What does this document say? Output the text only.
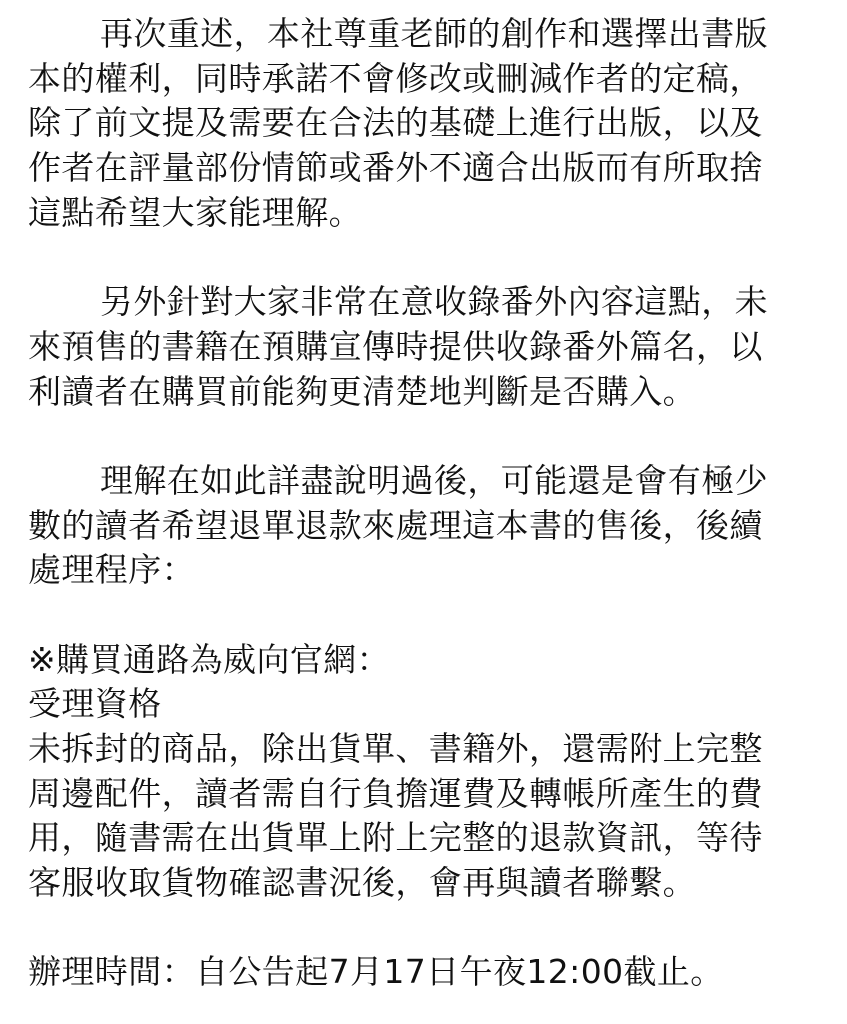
再次重述，本社尊重老師的創作和選擇出書版
本的權利，同時承諾不會修改或刪減作者的定稿，
除了前文提及需要在合法的基礎上進行出版，以及
作者在評量部份情節或番外不適合出版而有所取捨
這點希望大家能理解。
另外針對大家非常在意收錄番外內容這點，未
來預售的書籍在預購宣傳時提供收錄番外篇名，以
利讀者在購買前能夠更清楚地判斷是否購入。
理解在如此詳盡說明過後，可能還是會有極少
數的讀者希望退單退款來處理這本書的售後，後續
處理程序：
※購買通路為威向官網：
受理資格
未拆封的商品，除出貨單、書籍外，還需附上完整
周邊配件，讀者需自行負擔運費及轉帳所產生的費
用，隨書需在出貨單上附上完整的退款資訊，等待
客服收取貨物確認書況後，會再與讀者聯繫。
辦理時間：自公告起7月17日午夜12:00截止。
